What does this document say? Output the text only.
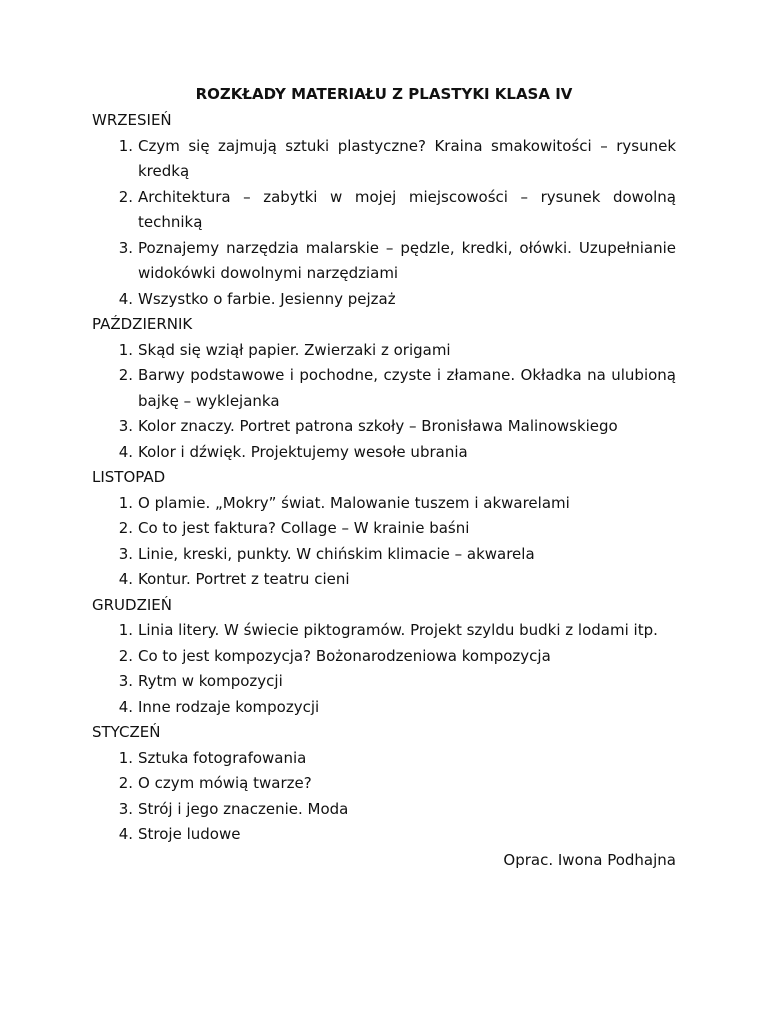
ROZKŁADY MATERIAŁU Z PLASTYKI KLASA IV
WRZESIEŃ
1. Czym się zajmują sztuki plastyczne? Kraina smakowitości – rysunek kredką
2. Architektura – zabytki w mojej miejscowości – rysunek dowolną techniką
3. Poznajemy narzędzia malarskie – pędzle, kredki, ołówki. Uzupełnianie widokówki dowolnymi narzędziami
4. Wszystko o farbie. Jesienny pejzaż
PAŹDZIERNIK
1. Skąd się wziął papier. Zwierzaki z origami
2. Barwy podstawowe i pochodne, czyste i złamane. Okładka na ulubioną bajkę – wyklejanka
3. Kolor znaczy. Portret patrona szkoły – Bronisława Malinowskiego
4. Kolor i dźwięk. Projektujemy wesołe ubrania
LISTOPAD
1. O plamie. „Mokry” świat. Malowanie tuszem i akwarelami
2. Co to jest faktura? Collage – W krainie baśni
3. Linie, kreski, punkty. W chińskim klimacie – akwarela
4. Kontur. Portret z teatru cieni
GRUDZIEŃ
1. Linia litery. W świecie piktogramów. Projekt szyldu budki z lodami itp.
2. Co to jest kompozycja? Bożonarodzeniowa kompozycja
3. Rytm w kompozycji
4. Inne rodzaje kompozycji
STYCZEŃ
1. Sztuka fotografowania
2. O czym mówią twarze?
3. Strój i jego znaczenie. Moda
4. Stroje ludowe
Oprac. Iwona Podhajna
